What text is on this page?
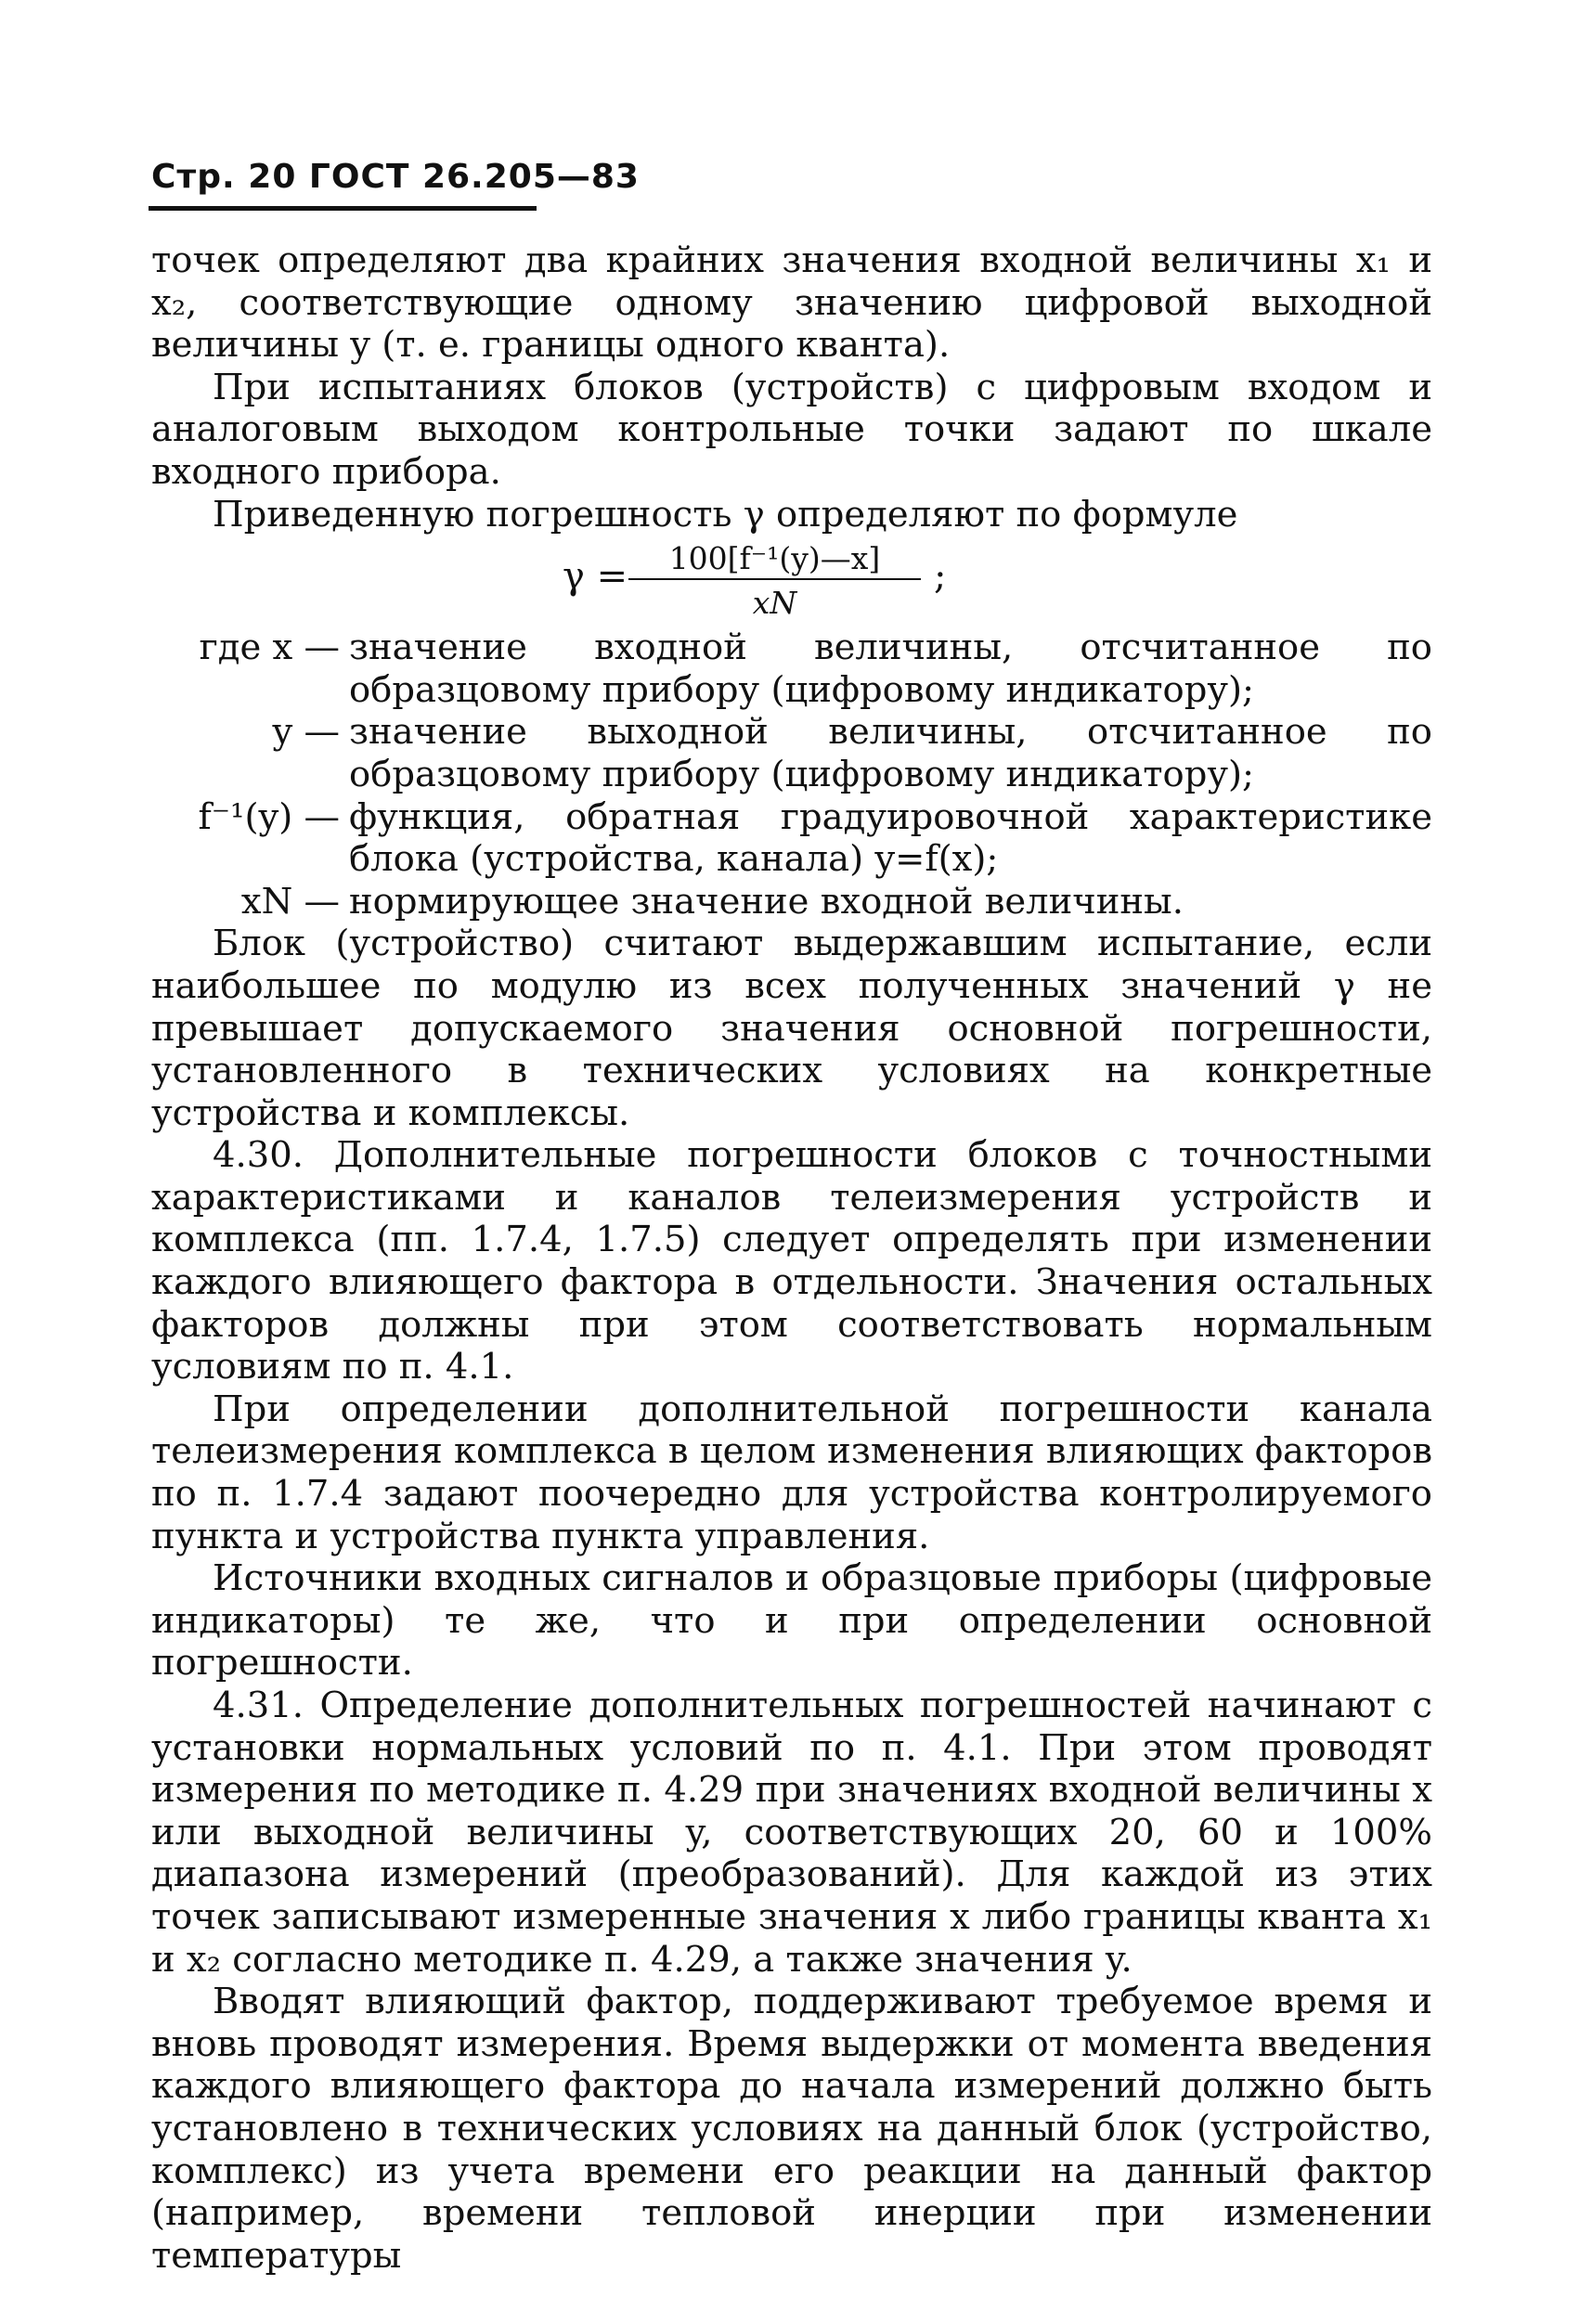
Стр. 20 ГОСТ 26.205—83

точек определяют два крайних значения входной величины x₁ и x₂, соответствующие одному значению цифровой выходной величины y (т. е. границы одного кванта).

При испытаниях блоков (устройств) с цифровым входом и аналоговым выходом контрольные точки задают по шкале входного прибора.

Приведенную погрешность γ определяют по формуле

γ =	100[f⁻¹(y)—x]
xN
;
где x — значение входной величины, отсчитанное по образцовому прибору (цифровому индикатору);
y — значение выходной величины, отсчитанное по образцовому прибору (цифровому индикатору);
f⁻¹(y) — функция, обратная градуировочной характеристике блока (устройства, канала) y=f(x);
xN — нормирующее значение входной величины.

Блок (устройство) считают выдержавшим испытание, если наибольшее по модулю из всех полученных значений γ не превышает допускаемого значения основной погрешности, установленного в технических условиях на конкретные устройства и комплексы.

4.30. Дополнительные погрешности блоков с точностными характеристиками и каналов телеизмерения устройств и комплекса (пп. 1.7.4, 1.7.5) следует определять при изменении каждого влияющего фактора в отдельности. Значения остальных факторов должны при этом соответствовать нормальным условиям по п. 4.1.

При определении дополнительной погрешности канала телеизмерения комплекса в целом изменения влияющих факторов по п. 1.7.4 задают поочередно для устройства контролируемого пункта и устройства пункта управления.

Источники входных сигналов и образцовые приборы (цифровые индикаторы) те же, что и при определении основной погрешности.

4.31. Определение дополнительных погрешностей начинают с установки нормальных условий по п. 4.1. При этом проводят измерения по методике п. 4.29 при значениях входной величины x или выходной величины y, соответствующих 20, 60 и 100% диапазона измерений (преобразований). Для каждой из этих точек записывают измеренные значения x либо границы кванта x₁ и x₂ согласно методике п. 4.29, а также значения y.

Вводят влияющий фактор, поддерживают требуемое время и вновь проводят измерения. Время выдержки от момента введения каждого влияющего фактора до начала измерений должно быть установлено в технических условиях на данный блок (устройство, комплекс) из учета времени его реакции на данный фактор (например, времени тепловой инерции при изменении температуры
